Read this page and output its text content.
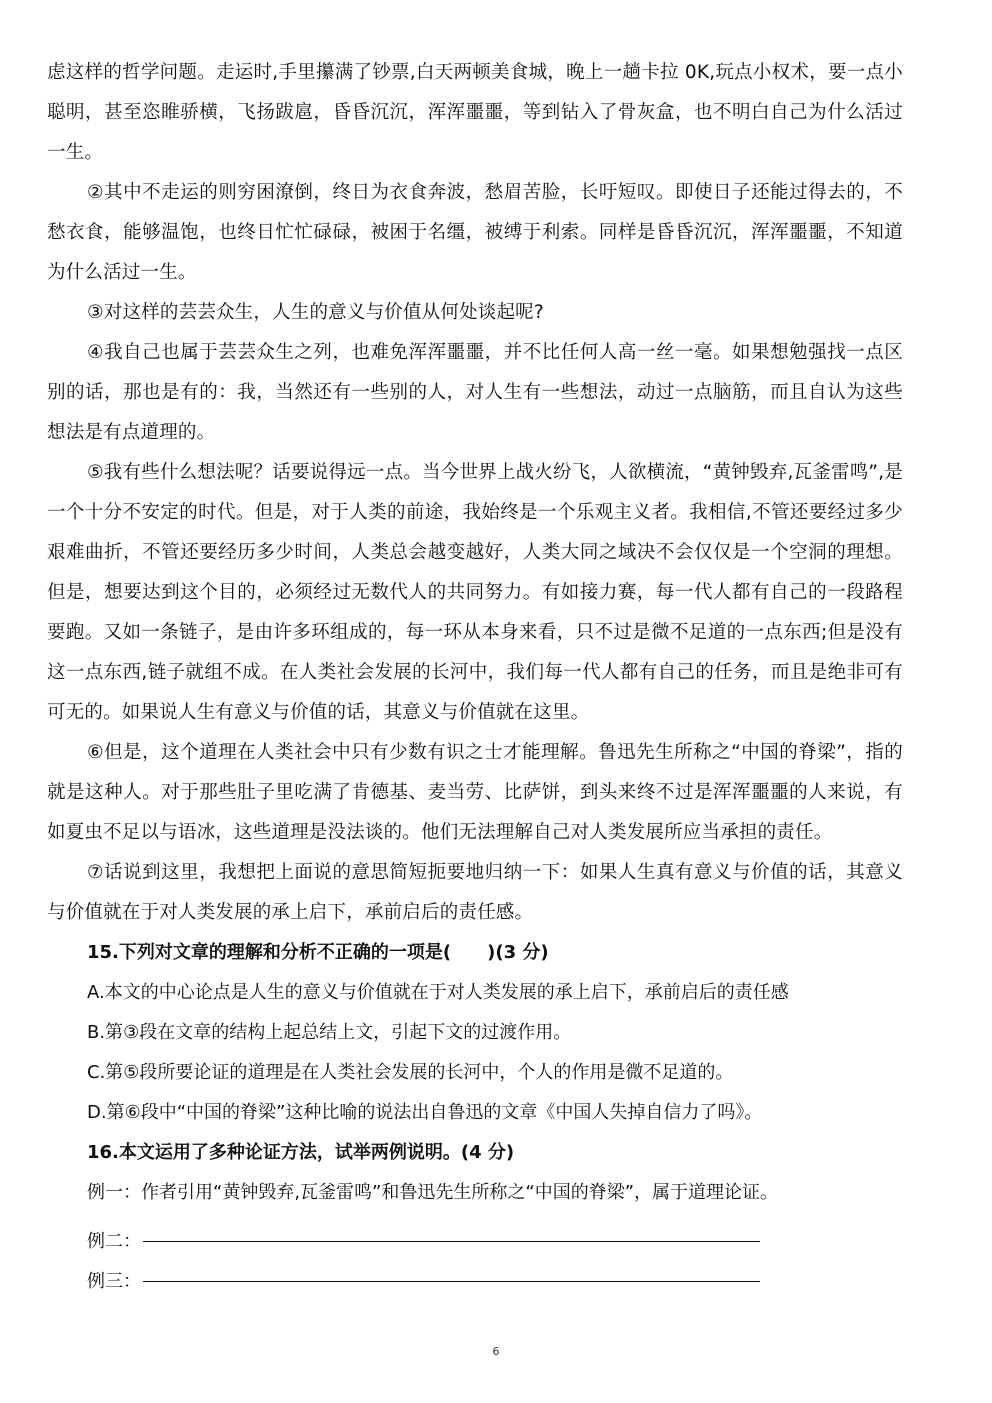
虑这样的哲学问题。走运时,手里攥满了钞票,白天两顿美食城，晚上一趟卡拉 0K,玩点小权术，要一点小聪明，甚至恣睢骄横，飞扬跋扈，昏昏沉沉，浑浑噩噩，等到钻入了骨灰盒，也不明白自己为什么活过一生。

②其中不走运的则穷困潦倒，终日为衣食奔波，愁眉苦脸，长吁短叹。即使日子还能过得去的，不愁衣食，能够温饱，也终日忙忙碌碌，被困于名缰，被缚于利索。同样是昏昏沉沉，浑浑噩噩，不知道为什么活过一生。

③对这样的芸芸众生，人生的意义与价值从何处谈起呢?

④我自己也属于芸芸众生之列，也难免浑浑噩噩，并不比任何人高一丝一毫。如果想勉强找一点区别的话，那也是有的：我，当然还有一些别的人，对人生有一些想法，动过一点脑筋，而且自认为这些想法是有点道理的。

⑤我有些什么想法呢？话要说得远一点。当今世界上战火纷飞，人欲横流，“黄钟毁弃,瓦釜雷鸣”,是一个十分不安定的时代。但是，对于人类的前途，我始终是一个乐观主义者。我相信,不管还要经过多少艰难曲折，不管还要经历多少时间，人类总会越变越好，人类大同之域决不会仅仅是一个空洞的理想。但是，想要达到这个目的，必须经过无数代人的共同努力。有如接力赛，每一代人都有自己的一段路程要跑。又如一条链子，是由许多环组成的，每一环从本身来看，只不过是微不足道的一点东西;但是没有这一点东西,链子就组不成。在人类社会发展的长河中，我们每一代人都有自己的任务，而且是绝非可有可无的。如果说人生有意义与价值的话，其意义与价值就在这里。

⑥但是，这个道理在人类社会中只有少数有识之士才能理解。鲁迅先生所称之“中国的脊梁”，指的就是这种人。对于那些肚子里吃满了肯德基、麦当劳、比萨饼，到头来终不过是浑浑噩噩的人来说，有如夏虫不足以与语冰，这些道理是没法谈的。他们无法理解自己对人类发展所应当承担的责任。

⑦话说到这里，我想把上面说的意思简短扼要地归纳一下：如果人生真有意义与价值的话，其意义与价值就在于对人类发展的承上启下，承前启后的责任感。

15.下列对文章的理解和分析不正确的一项是(　　)(3 分)

A.本文的中心论点是人生的意义与价值就在于对人类发展的承上启下，承前启后的责任感

B.第③段在文章的结构上起总结上文，引起下文的过渡作用。

C.第⑤段所要论证的道理是在人类社会发展的长河中，个人的作用是微不足道的。

D.第⑥段中“中国的脊梁”这种比喻的说法出自鲁迅的文章《中国人失掉自信力了吗》。

16.本文运用了多种论证方法，试举两例说明。(4 分)

例一：作者引用“黄钟毁弃,瓦釜雷鸣”和鲁迅先生所称之“中国的脊梁”，属于道理论证。

例二：
例三：
6
